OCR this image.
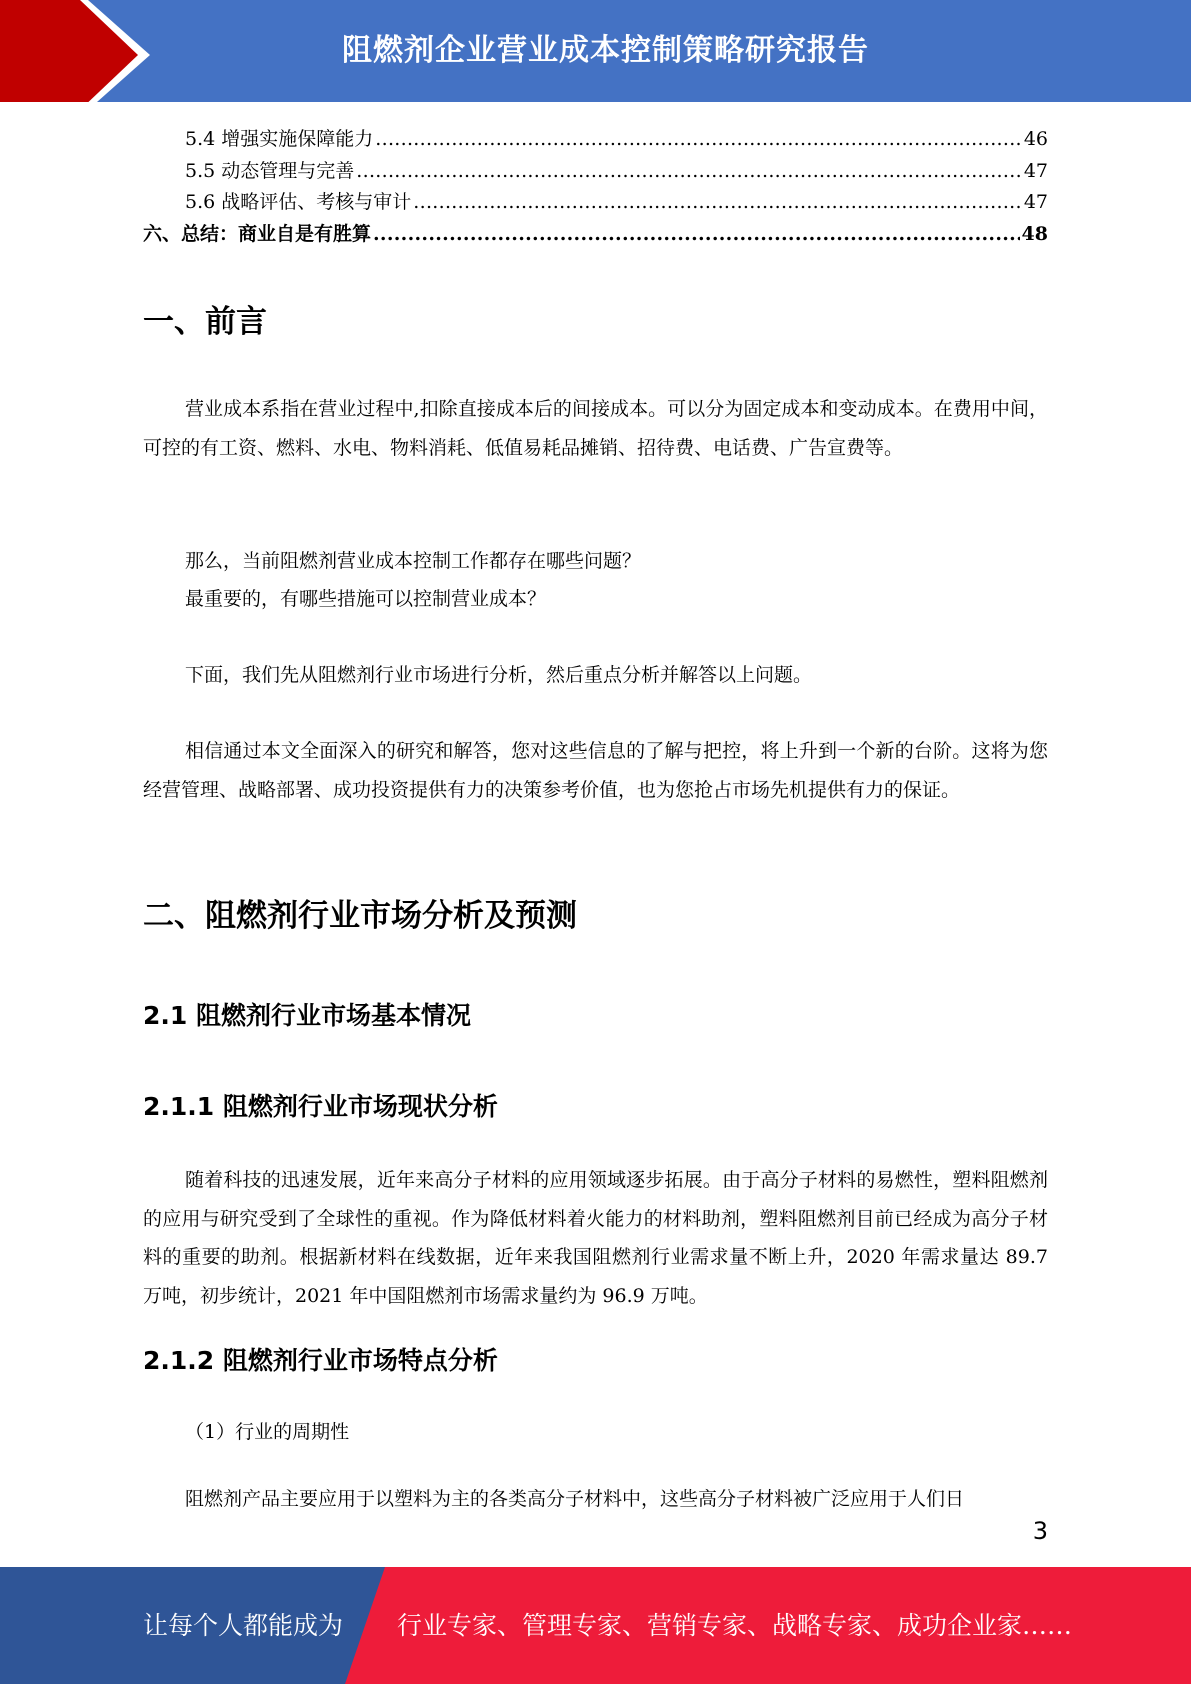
阻燃剂企业营业成本控制策略研究报告
5.4 增强实施保障能力 .....	46
5.5 动态管理与完善 .....	47
5.6 战略评估、考核与审计 .....	47
六、总结：商业自是有胜算 .....	48
一、前言

营业成本系指在营业过程中,扣除直接成本后的间接成本。可以分为固定成本和变动成本。在费用中间，可控的有工资、燃料、水电、物料消耗、低值易耗品摊销、招待费、电话费、广告宣费等。

那么，当前阻燃剂营业成本控制工作都存在哪些问题？
最重要的，有哪些措施可以控制营业成本？

下面，我们先从阻燃剂行业市场进行分析，然后重点分析并解答以上问题。

相信通过本文全面深入的研究和解答，您对这些信息的了解与把控，将上升到一个新的台阶。这将为您经营管理、战略部署、成功投资提供有力的决策参考价值，也为您抢占市场先机提供有力的保证。

二、阻燃剂行业市场分析及预测
2.1 阻燃剂行业市场基本情况
2.1.1 阻燃剂行业市场现状分析

随着科技的迅速发展，近年来高分子材料的应用领域逐步拓展。由于高分子材料的易燃性，塑料阻燃剂的应用与研究受到了全球性的重视。作为降低材料着火能力的材料助剂，塑料阻燃剂目前已经成为高分子材料的重要的助剂。根据新材料在线数据，近年来我国阻燃剂行业需求量不断上升，2020 年需求量达 89.7 万吨，初步统计，2021 年中国阻燃剂市场需求量约为 96.9 万吨。

2.1.2 阻燃剂行业市场特点分析
（1）行业的周期性

阻燃剂产品主要应用于以塑料为主的各类高分子材料中，这些高分子材料被广泛应用于人们日

3
让每个人都能成为 行业专家、管理专家、营销专家、战略专家、成功企业家……
